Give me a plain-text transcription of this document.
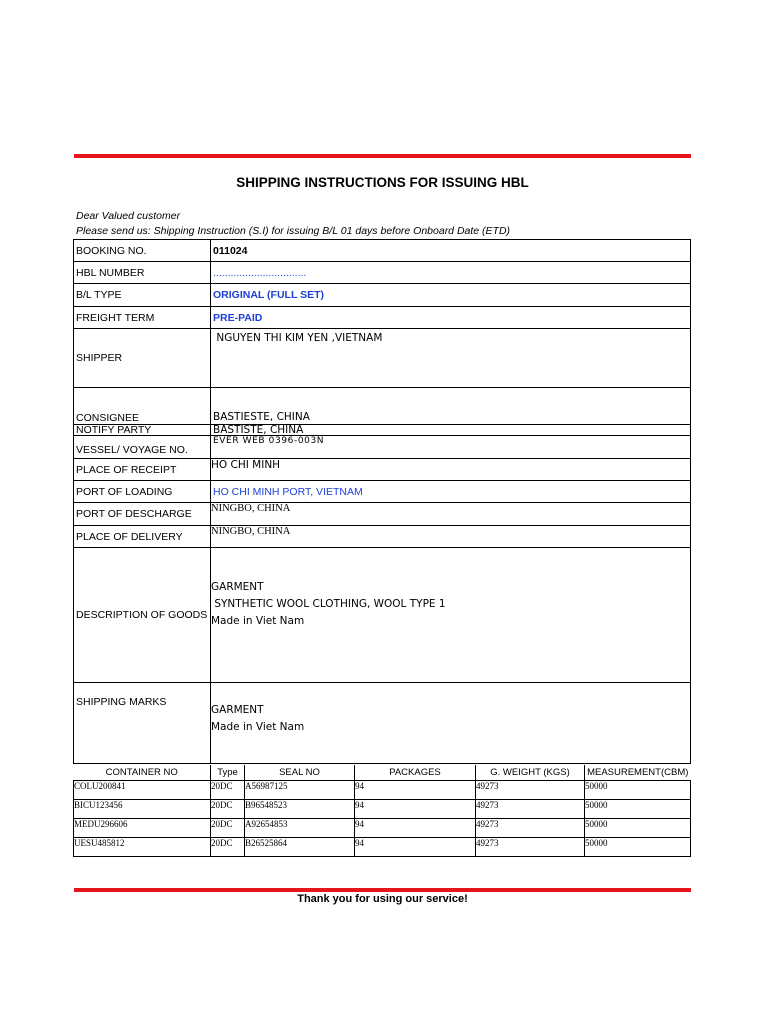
SHIPPING INSTRUCTIONS FOR ISSUING HBL
Dear Valued customer
Please send us: Shipping Instruction (S.I) for issuing B/L 01 days before Onboard Date (ETD)
BOOKING NO.	011024
HBL NUMBER	................................
B/L TYPE	ORIGINAL (FULL SET)
FREIGHT TERM	PRE-PAID
SHIPPER	NGUYEN THI KIM YEN ,VIETNAM
CONSIGNEE	BASTIESTE, CHINA
NOTIFY PARTY	BASTISTE, CHINA
VESSEL/ VOYAGE NO.	EVER WEB 0396-003N
PLACE OF RECEIPT	HO CHI MINH
PORT OF LOADING	HO CHI MINH PORT, VIETNAM
PORT OF DESCHARGE	NINGBO, CHINA
PLACE OF DELIVERY	NINGBO, CHINA
DESCRIPTION OF GOODS	GARMENT
SYNTHETIC WOOL CLOTHING, WOOL TYPE 1
Made in Viet Nam

SHIPPING MARKS	GARMENT
Made in Viet Nam
CONTAINER NO	Type	SEAL NO	PACKAGES	G. WEIGHT (KGS)	MEASUREMENT(CBM)
COLU200841	20DC	A56987125	94	49273	50000
BICU123456	20DC	B96548523	94	49273	50000
MEDU296606	20DC	A92654853	94	49273	50000
UESU485812	20DC	B26525864	94	49273	50000
Thank you for using our service!
